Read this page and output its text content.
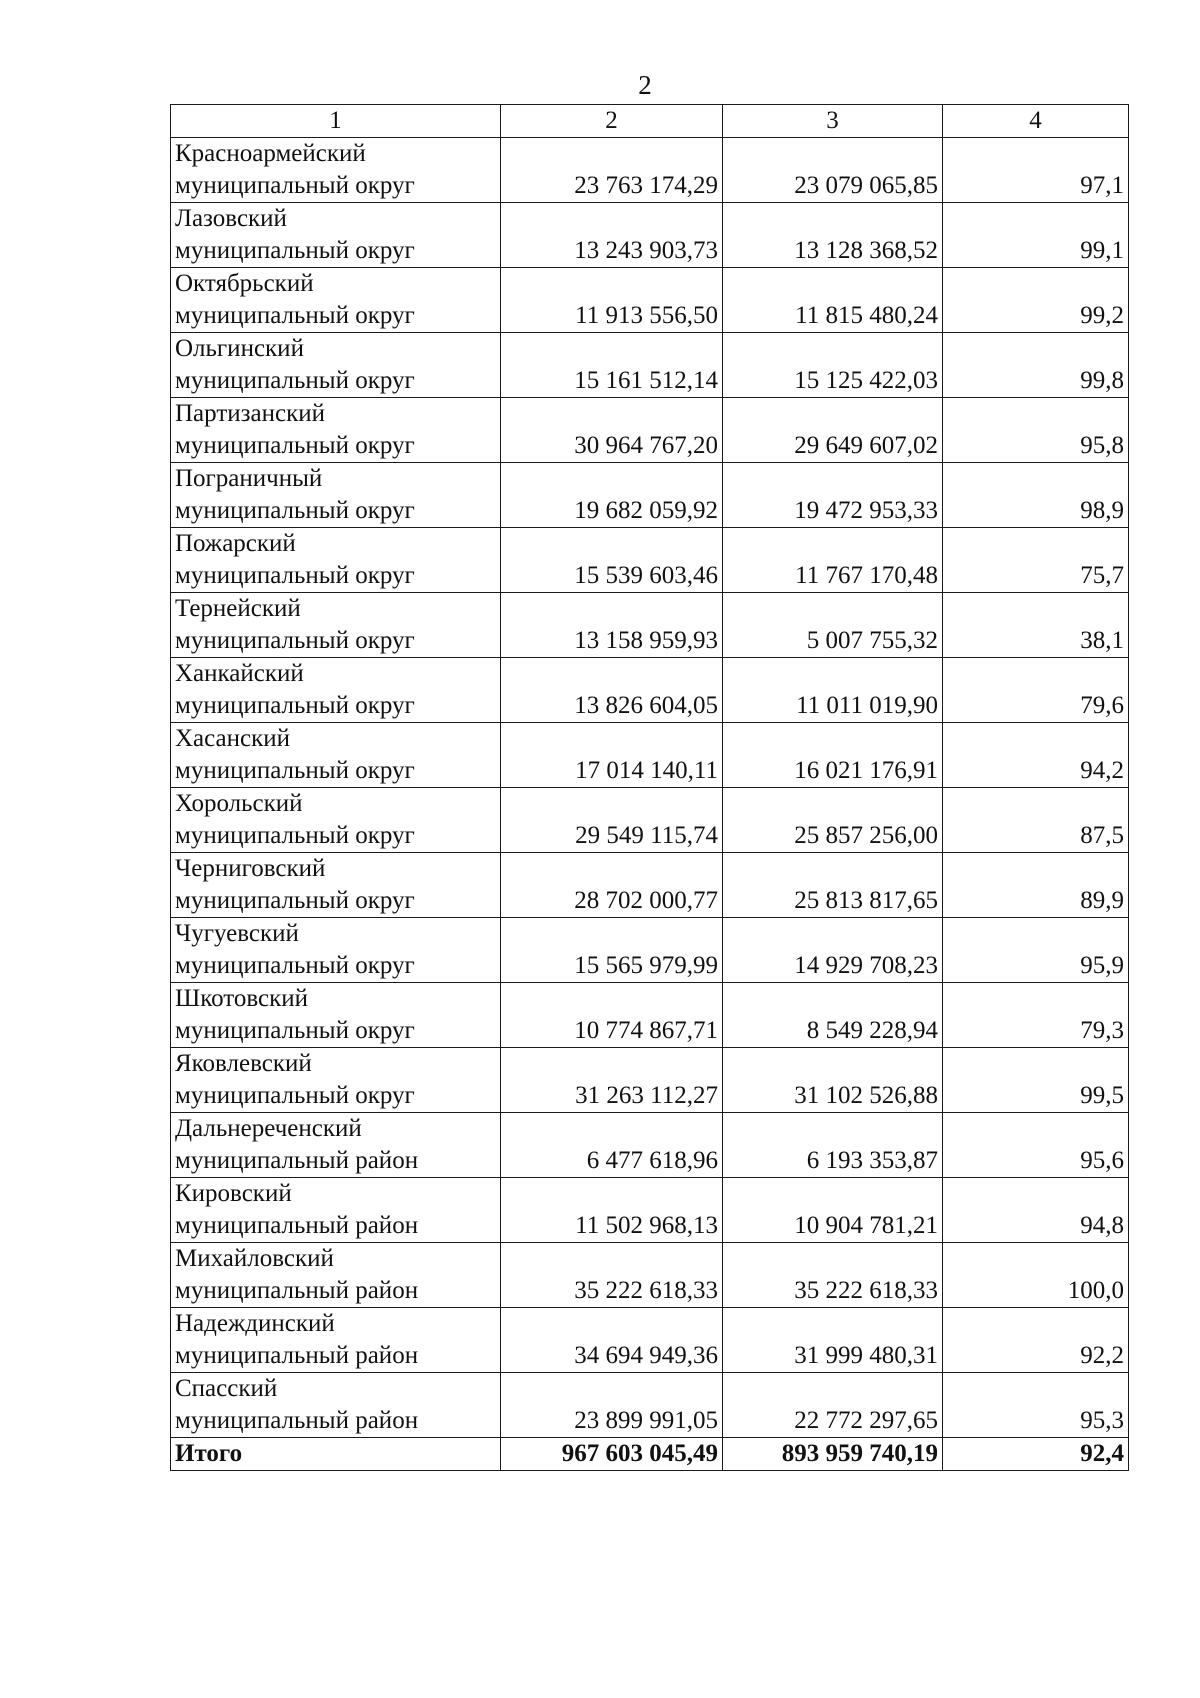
2
1	2	3	4

Красноармейский
муниципальный округ	23 763 174,29	23 079 065,85	97,1

Лазовский
муниципальный округ	13 243 903,73	13 128 368,52	99,1

Октябрьский
муниципальный округ	11 913 556,50	11 815 480,24	99,2

Ольгинский
муниципальный округ	15 161 512,14	15 125 422,03	99,8

Партизанский
муниципальный округ	30 964 767,20	29 649 607,02	95,8

Пограничный
муниципальный округ	19 682 059,92	19 472 953,33	98,9

Пожарский
муниципальный округ	15 539 603,46	11 767 170,48	75,7

Тернейский
муниципальный округ	13 158 959,93	5 007 755,32	38,1

Ханкайский
муниципальный округ	13 826 604,05	11 011 019,90	79,6

Хасанский
муниципальный округ	17 014 140,11	16 021 176,91	94,2

Хорольский
муниципальный округ	29 549 115,74	25 857 256,00	87,5

Черниговский
муниципальный округ	28 702 000,77	25 813 817,65	89,9

Чугуевский
муниципальный округ	15 565 979,99	14 929 708,23	95,9

Шкотовский
муниципальный округ	10 774 867,71	8 549 228,94	79,3

Яковлевский
муниципальный округ	31 263 112,27	31 102 526,88	99,5

Дальнереченский
муниципальный район	6 477 618,96	6 193 353,87	95,6

Кировский
муниципальный район	11 502 968,13	10 904 781,21	94,8

Михайловский
муниципальный район	35 222 618,33	35 222 618,33	100,0

Надеждинский
муниципальный район	34 694 949,36	31 999 480,31	92,2

Спасский
муниципальный район	23 899 991,05	22 772 297,65	95,3
Итого	967 603 045,49	893 959 740,19	92,4
